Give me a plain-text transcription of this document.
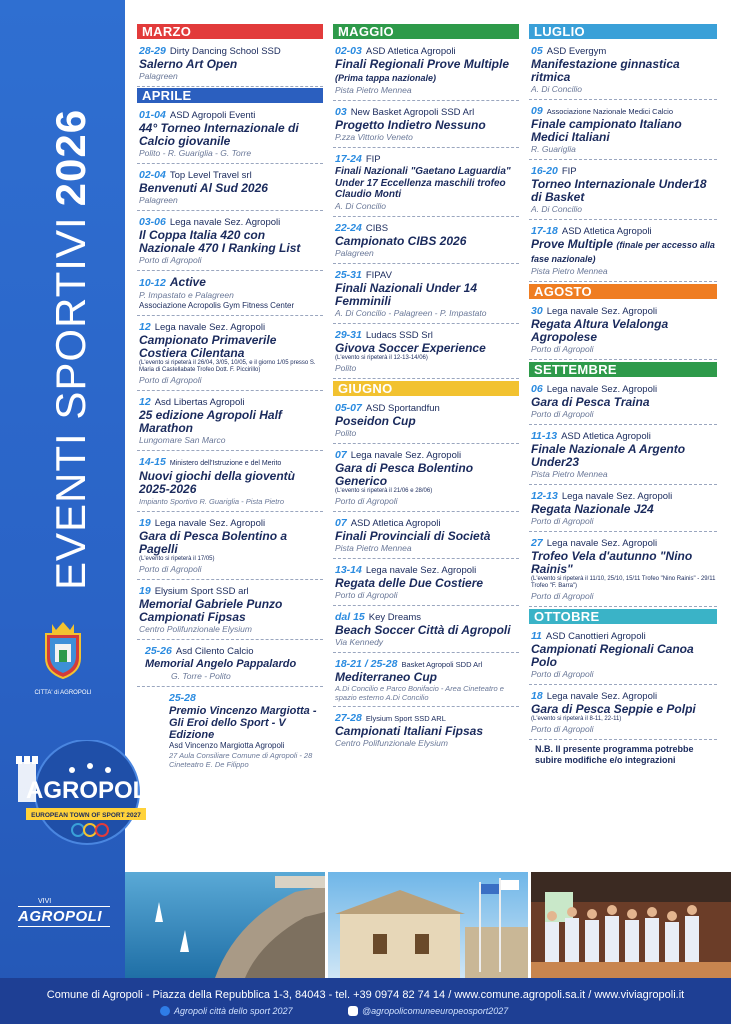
EVENTI SPORTIVI2026
CITTA' di AGROPOLI
AGROPOLI
EUROPEAN TOWN OF SPORT 2027
VIVI
AGROPOLI
MARZO
28-29 Dirty Dancing School SSD
Salerno Art Open
Palagreen
APRILE
01-04 ASD Agropoli Eventi
44° Torneo Internazionale di Calcio giovanile
Polito - R. Guariglia - G. Torre
02-04 Top Level Travel srl
Benvenuti Al Sud 2026
Palagreen
03-06 Lega navale Sez. Agropoli
Il Coppa Italia 420 con Nazionale 470 I Ranking List
Porto di Agropoli
10-12 Active
P. Impastato e Palagreen
Associazione Acropolis Gym Fitness Center
12 Lega navale Sez. Agropoli
Campionato Primaverile Costiera Cilentana
(L'evento si ripeterà il 26/04, 3/05, 10/05, e il giorno 1/05 presso S. Maria di Castellabate Trofeo Dott. F. Piccirillo)
Porto di Agropoli
12 Asd Libertas Agropoli
25 edizione Agropoli Half Marathon
Lungomare San Marco
14-15 Ministero dell'Istruzione e del Merito
Nuovi giochi della gioventù 2025-2026
Impianto Sportivo R. Guariglia - Pista Pietro
19 Lega navale Sez. Agropoli
Gara di Pesca Bolentino a Pagelli
(L'evento si ripeterà il 17/05)
Porto di Agropoli
19 Elysium Sport SSD arl
Memorial Gabriele Punzo Campionati Fipsas
Centro Polifunzionale Elysium
25-26 Asd Cilento Calcio
Memorial Angelo Pappalardo
G. Torre - Polito
25-28
Premio Vincenzo Margiotta - Gli Eroi dello Sport - V Edizione
Asd Vincenzo Margiotta Agropoli
27 Aula Consiliare Comune di Agropoli - 28 Cineteatro E. De Filippo
MAGGIO
02-03 ASD Atletica Agropoli
Finali Regionali Prove Multiple (Prima tappa nazionale)
Pista Pietro Mennea
03 New Basket Agropoli SSD Arl
Progetto Indietro Nessuno
P.zza Vittorio Veneto
17-24 FIP
Finali Nazionali "Gaetano Laguardia" Under 17 Eccellenza maschili trofeo Claudio Monti
A. Di Concilio
22-24 CIBS
Campionato CIBS 2026
Palagreen
25-31 FIPAV
Finali Nazionali Under 14 Femminili
A. Di Concilio - Palagreen - P. Impastato
29-31 Ludacs SSD Srl
Givova Soccer Experience
(L'evento si ripeterà il 12-13-14/06)
Polito
GIUGNO
05-07 ASD Sportandfun
Poseidon Cup
Polito
07 Lega navale Sez. Agropoli
Gara di Pesca Bolentino Generico
(L'evento si ripeterà il 21/06 e 28/06)
Porto di Agropoli
07 ASD Atletica Agropoli
Finali Provinciali di Società
Pista Pietro Mennea
13-14 Lega navale Sez. Agropoli
Regata delle Due Costiere
Porto di Agropoli
dal 15 Key Dreams
Beach Soccer Città di Agropoli
Via Kennedy
18-21 / 25-28 Basket Agropoli SDD Arl
Mediterraneo Cup
A.Di Concilio e Parco Bonifacio - Area Cineteatro e spazio esterno A.Di Concilio
27-28 Elysium Sport SSD ARL
Campionati Italiani Fipsas
Centro Polifunzionale Elysium
LUGLIO
05 ASD Evergym
Manifestazione ginnastica ritmica
A. Di Concilio
09 Associazione Nazionale Medici Calcio
Finale campionato Italiano Medici Italiani
R. Guariglia
16-20 FIP
Torneo Internazionale Under18 di Basket
A. Di Concilio
17-18 ASD Atletica Agropoli
Prove Multiple (finale per accesso alla fase nazionale)
Pista Pietro Mennea
AGOSTO
30 Lega navale Sez. Agropoli
Regata Altura Velalonga Agropolese
Porto di Agropoli
SETTEMBRE
06 Lega navale Sez. Agropoli
Gara di Pesca Traina
Porto di Agropoli
11-13 ASD Atletica Agropoli
Finale Nazionale A Argento Under23
Pista Pietro Mennea
12-13 Lega navale Sez. Agropoli
Regata Nazionale J24
Porto di Agropoli
27 Lega navale Sez. Agropoli
Trofeo Vela d'autunno "Nino Rainis"
(L'evento si ripeterà il 11/10, 25/10, 15/11 Trofeo "Nino Rainis" - 29/11 Trofeo "F. Barra")
Porto di Agropoli
OTTOBRE
11 ASD Canottieri Agropoli
Campionati Regionali Canoa Polo
Porto di Agropoli
18 Lega navale Sez. Agropoli
Gara di Pesca Seppie e Polpi
(L'evento si ripeterà il 8-11, 22-11)
Porto di Agropoli
N.B. Il presente programma potrebbe subire modifiche e/o integrazioni
Comune di Agropoli - Piazza della Repubblica 1-3, 84043 - tel. +39 0974 82 74 14 / www.comune.agropoli.sa.it / www.viviagropoli.it
Agropoli città dello sport 2027	@agropolicomuneeuropeosport2027
